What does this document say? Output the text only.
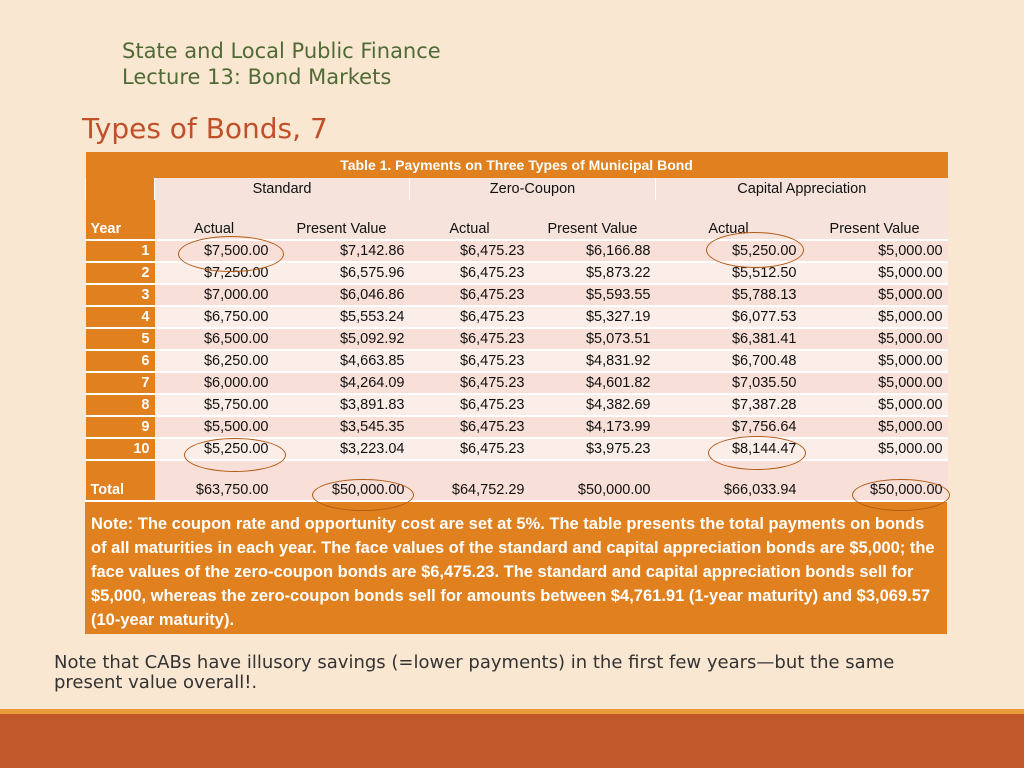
State and Local Public Finance
Lecture 13: Bond Markets
Types of Bonds, 7
Table 1. Payments on Three Types of Municipal Bond						
	Standard		Zero-Coupon		Capital Appreciation	
Year	Actual	Present Value	Actual	Present Value	Actual	Present Value
1	$7,500.00	$7,142.86	$6,475.23	$6,166.88	$5,250.00	$5,000.00
2	$7,250.00	$6,575.96	$6,475.23	$5,873.22	$5,512.50	$5,000.00
3	$7,000.00	$6,046.86	$6,475.23	$5,593.55	$5,788.13	$5,000.00
4	$6,750.00	$5,553.24	$6,475.23	$5,327.19	$6,077.53	$5,000.00
5	$6,500.00	$5,092.92	$6,475.23	$5,073.51	$6,381.41	$5,000.00
6	$6,250.00	$4,663.85	$6,475.23	$4,831.92	$6,700.48	$5,000.00
7	$6,000.00	$4,264.09	$6,475.23	$4,601.82	$7,035.50	$5,000.00
8	$5,750.00	$3,891.83	$6,475.23	$4,382.69	$7,387.28	$5,000.00
9	$5,500.00	$3,545.35	$6,475.23	$4,173.99	$7,756.64	$5,000.00
10	$5,250.00	$3,223.04	$6,475.23	$3,975.23	$8,144.47	$5,000.00
Total	$63,750.00	$50,000.00	$64,752.29	$50,000.00	$66,033.94	$50,000.00
Note: The coupon rate and opportunity cost are set at 5%. The table presents the total payments on bonds of all maturities in each year. The face values of the standard and capital appreciation bonds are $5,000; the face values of the zero-coupon bonds are $6,475.23. The standard and capital appreciation bonds sell for $5,000, whereas the zero-coupon bonds sell for amounts between $4,761.91 (1-year maturity) and $3,069.57 (10-year maturity).
Note that CABs have illusory savings (=lower payments) in the first few years—but the same present value overall!.
